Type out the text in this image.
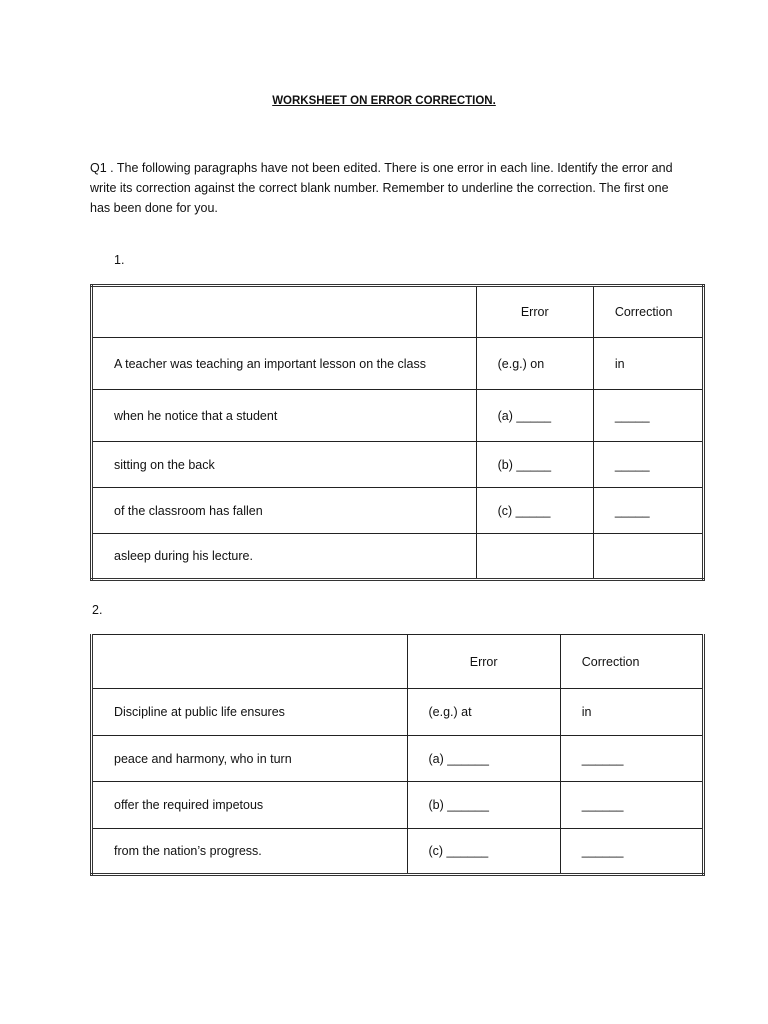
WORKSHEET ON ERROR CORRECTION.
Q1 . The following paragraphs have not been edited. There is one error in each line. Identify the error and write its correction against the correct blank number. Remember to underline the correction. The first one has been done for you.
1.
	Error	Correction
A teacher was teaching an important lesson on the class	(e.g.) on	in
when he notice that a student	(a) _____	_____
sitting on the back	(b) _____	_____
of the classroom has fallen	(c) _____	_____
asleep during his lecture.		
2.
	Error	Correction
Discipline at public life ensures	(e.g.) at	in
peace and harmony, who in turn	(a) ______	______
offer the required impetous	(b) ______	______
from the nation’s progress.	(c) ______	______
